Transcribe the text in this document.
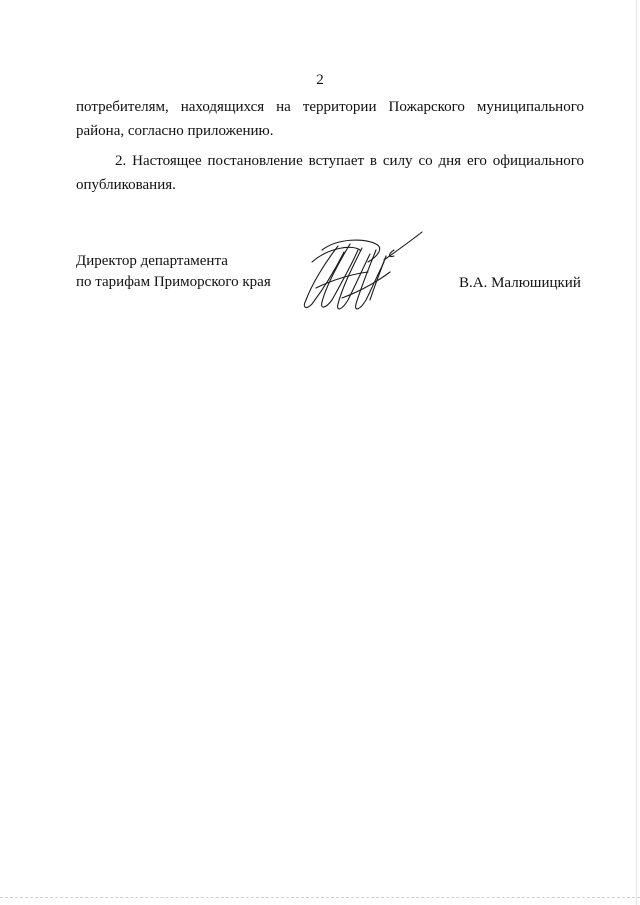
2
потребителям, находящихся на территории Пожарского муниципального
района, согласно приложению.
2. Настоящее постановление вступает в силу со дня его официального
опубликования.
Директор департамента
по тарифам Приморского края	В.А. Малюшицкий
